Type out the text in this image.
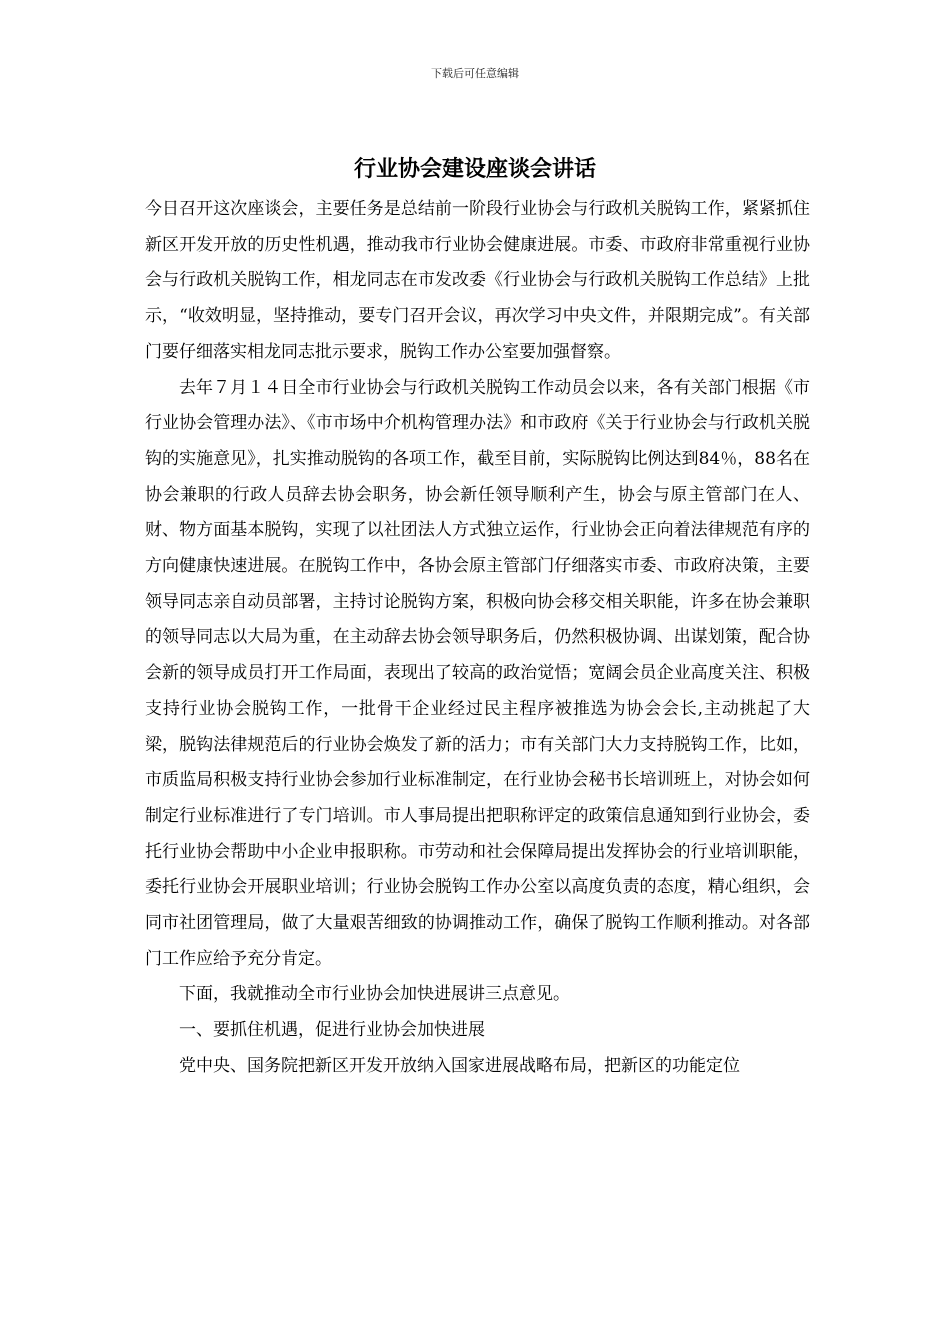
下载后可任意编辑
行业协会建设座谈会讲话

今日召开这次座谈会，主要任务是总结前一阶段行业协会与行政机关脱钩工作，紧紧抓住新区开发开放的历史性机遇，推动我市行业协会健康进展。市委、市政府非常重视行业协会与行政机关脱钩工作，相龙同志在市发改委《行业协会与行政机关脱钩工作总结》上批示，“收效明显，坚持推动，要专门召开会议，再次学习中央文件，并限期完成”。有关部门要仔细落实相龙同志批示要求，脱钩工作办公室要加强督察。

去年７月１４日全市行业协会与行政机关脱钩工作动员会以来，各有关部门根据《市行业协会管理办法》、《市市场中介机构管理办法》和市政府《关于行业协会与行政机关脱钩的实施意见》，扎实推动脱钩的各项工作，截至目前，实际脱钩比例达到84％，88名在协会兼职的行政人员辞去协会职务，协会新任领导顺利产生，协会与原主管部门在人、财、物方面基本脱钩，实现了以社团法人方式独立运作，行业协会正向着法律规范有序的方向健康快速进展。在脱钩工作中，各协会原主管部门仔细落实市委、市政府决策，主要领导同志亲自动员部署，主持讨论脱钩方案，积极向协会移交相关职能，许多在协会兼职的领导同志以大局为重，在主动辞去协会领导职务后，仍然积极协调、出谋划策，配合协会新的领导成员打开工作局面，表现出了较高的政治觉悟；宽阔会员企业高度关注、积极支持行业协会脱钩工作，一批骨干企业经过民主程序被推选为协会会长,主动挑起了大梁，脱钩法律规范后的行业协会焕发了新的活力；市有关部门大力支持脱钩工作，比如，市质监局积极支持行业协会参加行业标准制定，在行业协会秘书长培训班上，对协会如何制定行业标准进行了专门培训。市人事局提出把职称评定的政策信息通知到行业协会，委托行业协会帮助中小企业申报职称。市劳动和社会保障局提出发挥协会的行业培训职能，委托行业协会开展职业培训；行业协会脱钩工作办公室以高度负责的态度，精心组织，会同市社团管理局，做了大量艰苦细致的协调推动工作，确保了脱钩工作顺利推动。对各部门工作应给予充分肯定。

下面，我就推动全市行业协会加快进展讲三点意见。

一、要抓住机遇，促进行业协会加快进展

党中央、国务院把新区开发开放纳入国家进展战略布局，把新区的功能定位
